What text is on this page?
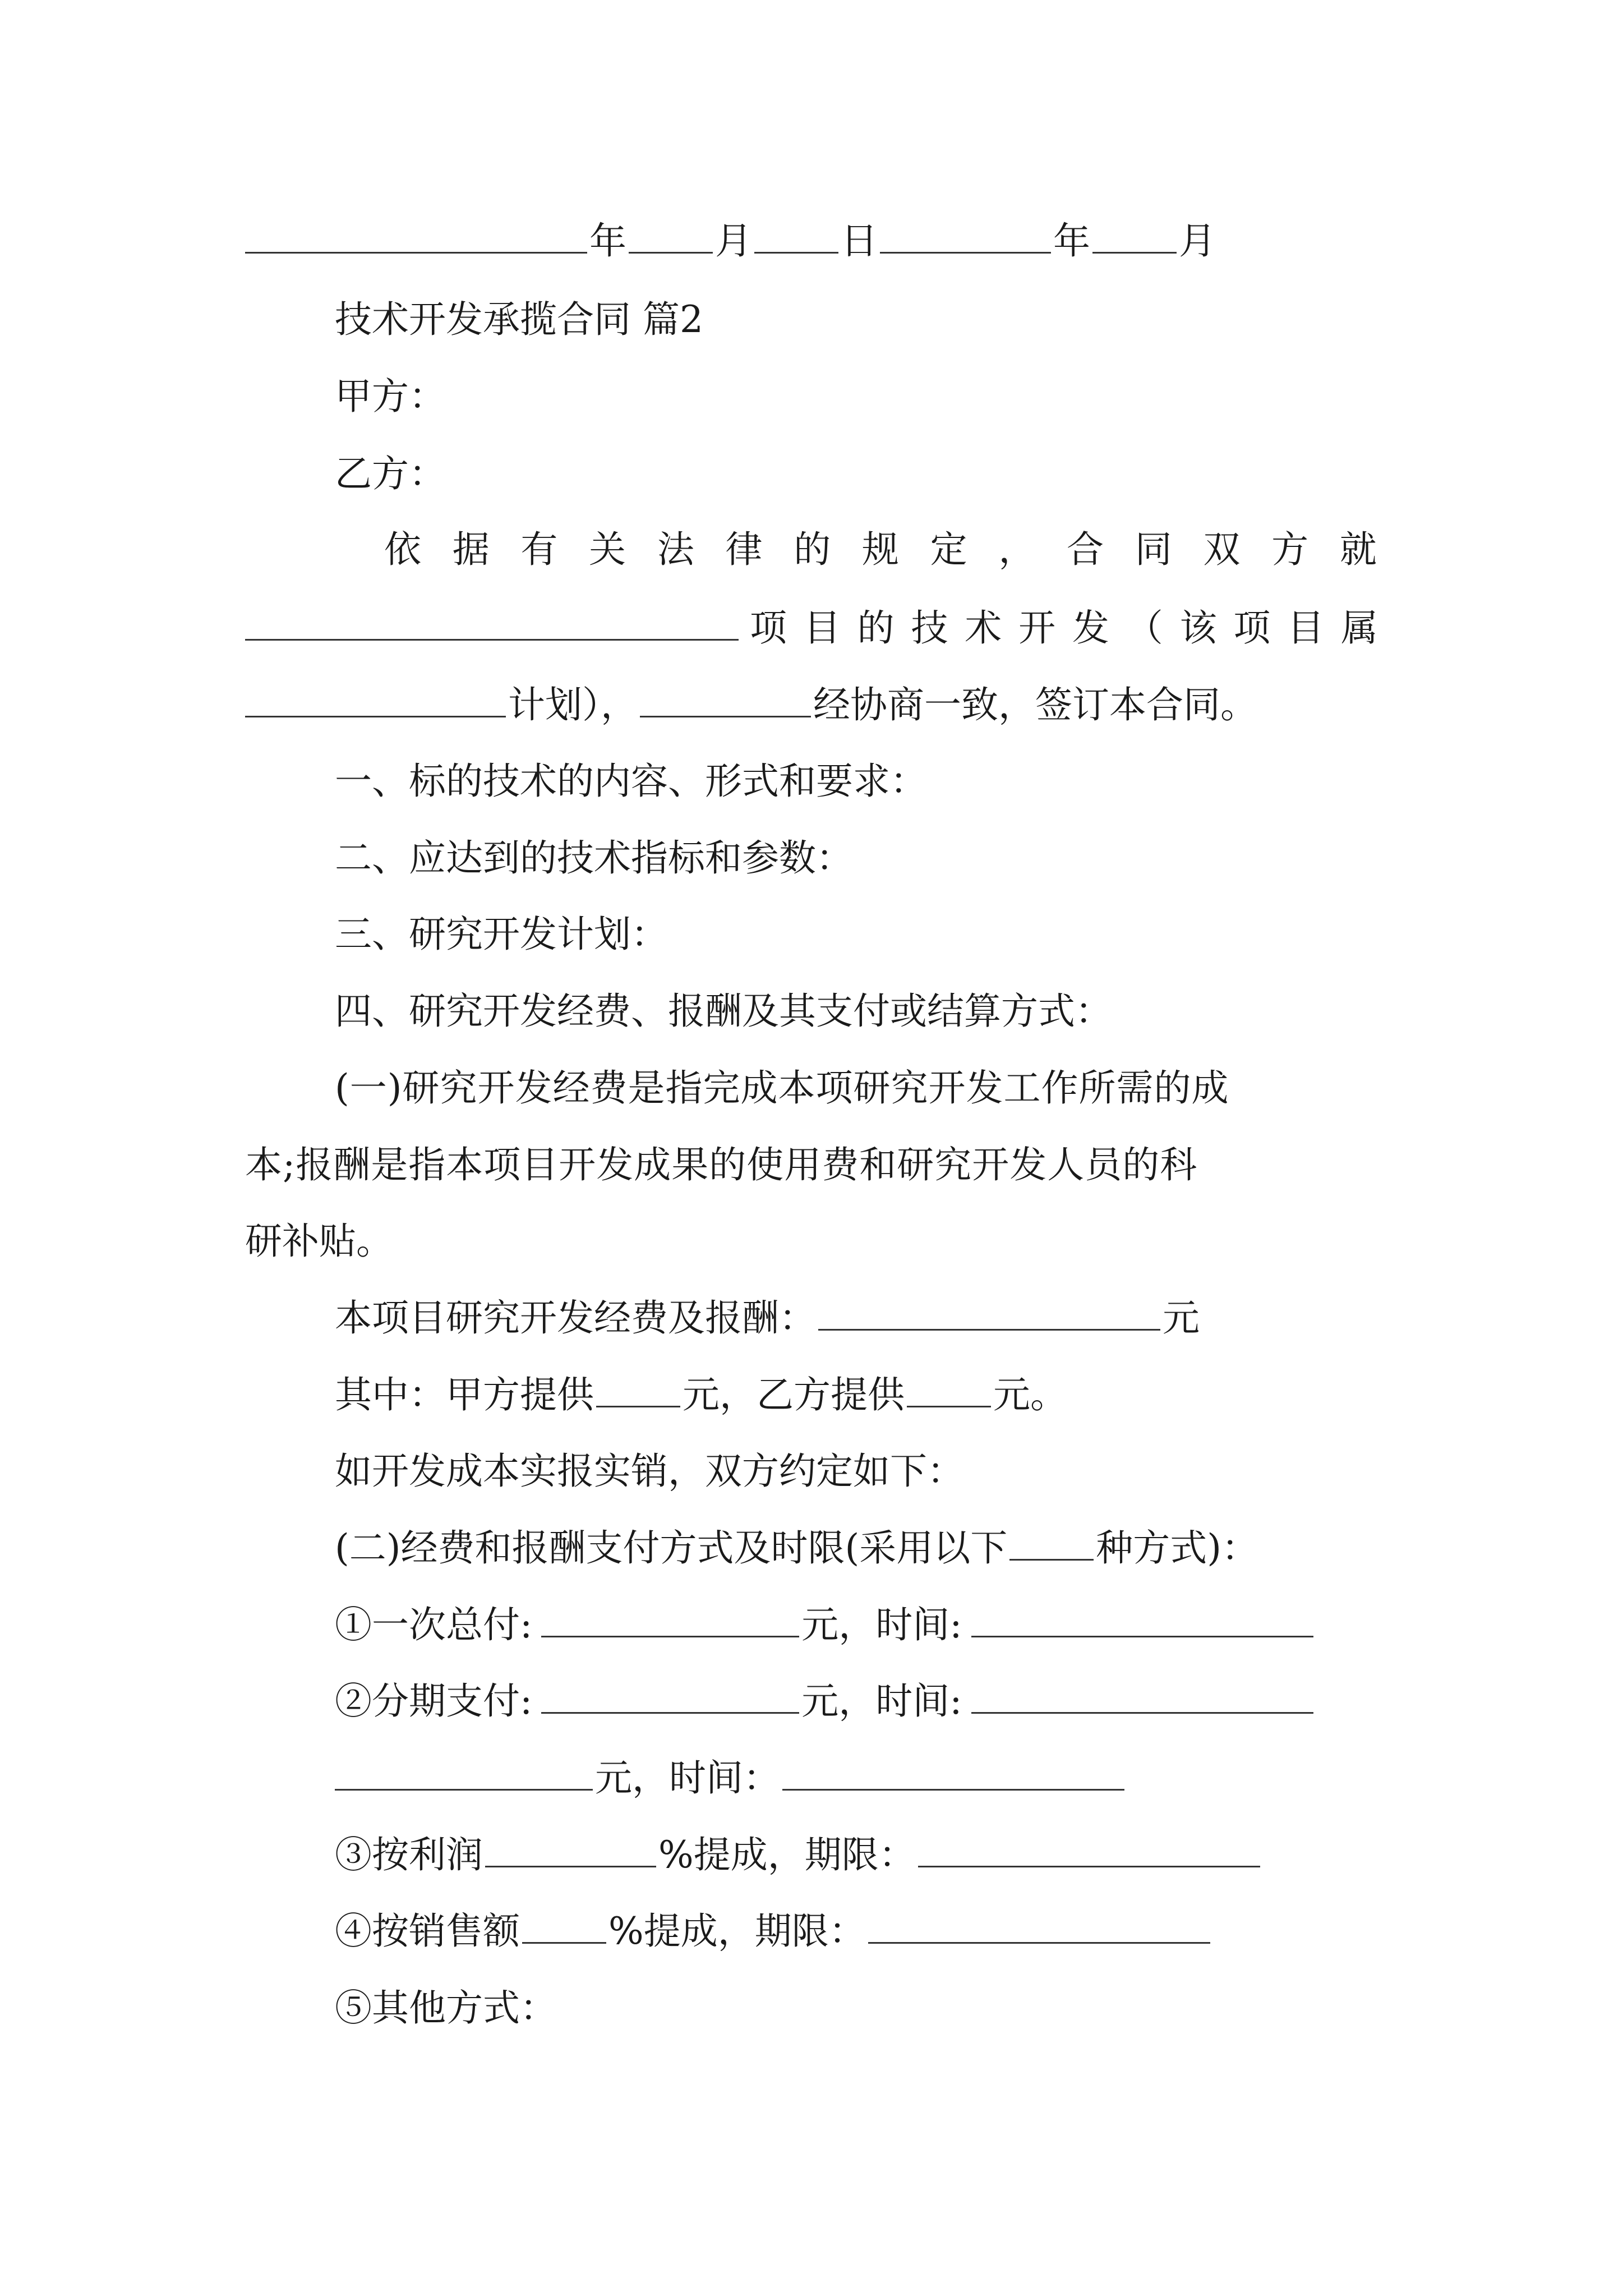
年 月 日	年 月
技术开发承揽合同 篇2
甲方：
乙方：
依 据 有 关 法 律 的 规 定 ， 合 同 双 方 就
项 目 的 技 术 开 发 （ 该 项 目 属
计划），	经协商一致，签订本合同。
一、标的技术的内容、形式和要求：
二、应达到的技术指标和参数：
三、研究开发计划：
四、研究开发经费、报酬及其支付或结算方式：
(一)研究开发经费是指完成本项研究开发工作所需的成
本;报酬是指本项目开发成果的使用费和研究开发人员的科
研补贴。
本项目研究开发经费及报酬：	元
其中：甲方提供 元，乙方提供 元。
如开发成本实报实销，双方约定如下：
(二)经费和报酬支付方式及时限(采用以下 种方式)：
①一次总付:	元，时间:
②分期支付:	元，时间:
元，时间：
③按利润	%提成，期限：
④按销售额 %提成，期限：
⑤其他方式：
